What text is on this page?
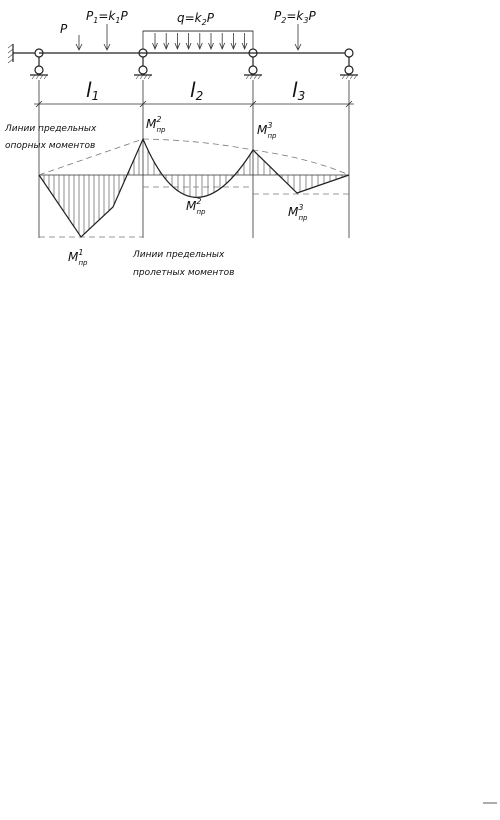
P
$P_1=k_1P$	$q=k_2P$	$P_2=k_3P$
l1	l2	l3
$M^1$ пр
$M^2$ пр
$M^2$ пр
$M^3$ пр
$M^3$ пр
Линии предельных
опорных моментов
Линии предельных
пролетных моментов
